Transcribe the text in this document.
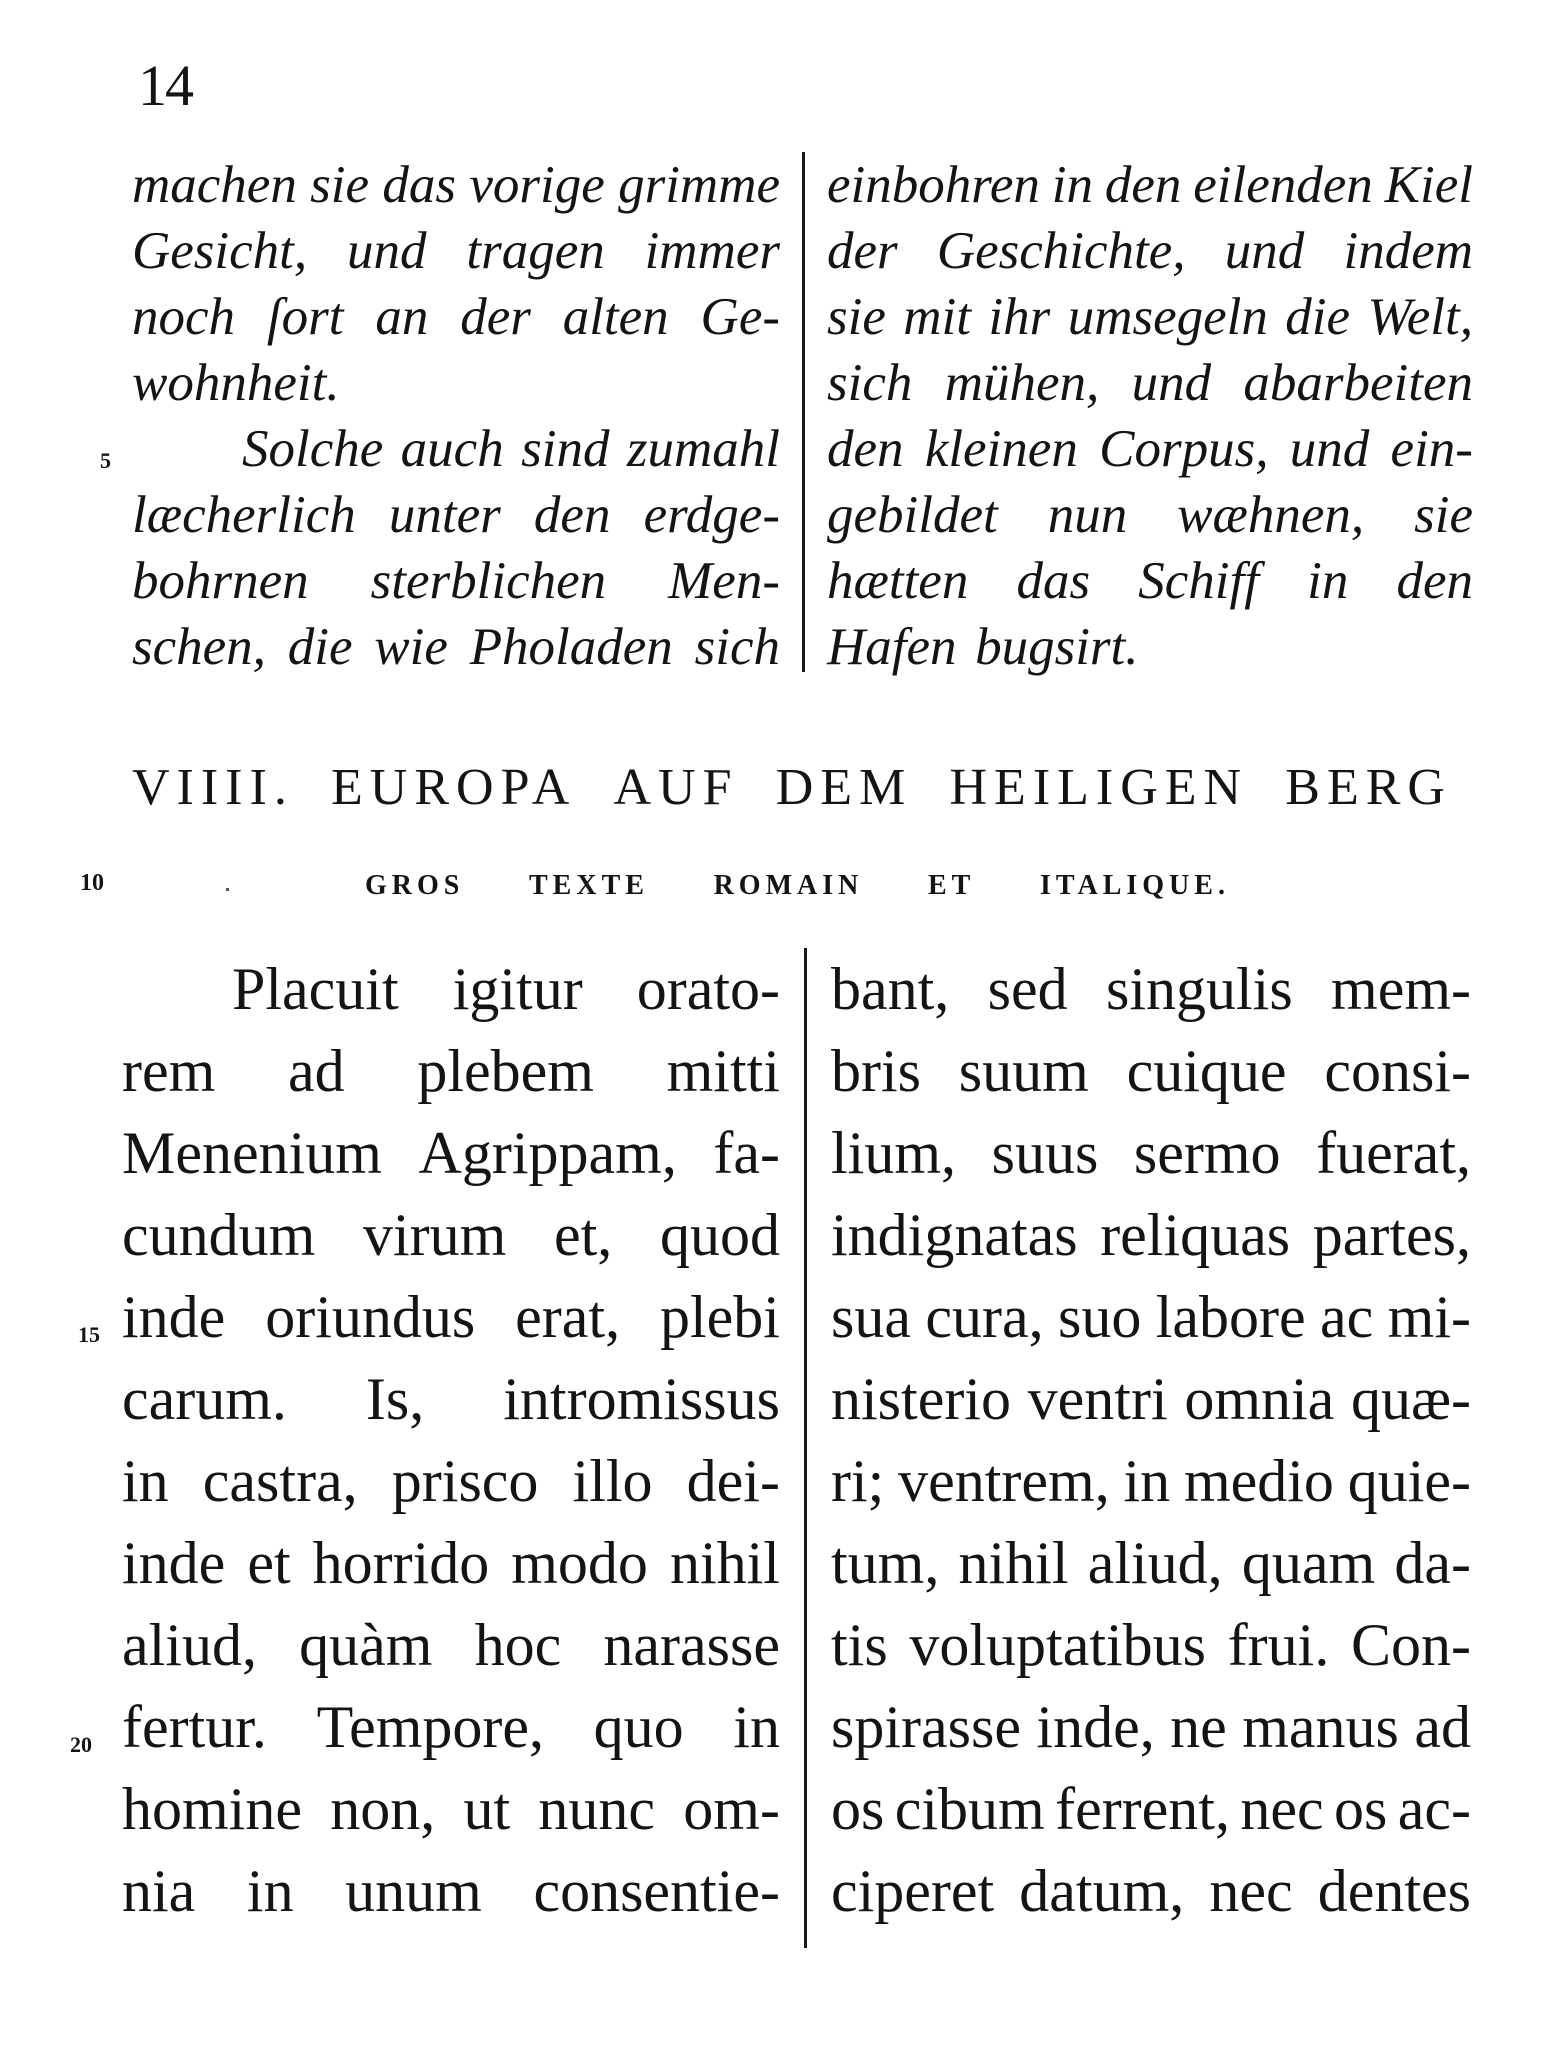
14
machen sie das vorige grimme
Gesicht, und tragen immer
noch ſort an der alten Ge-
wohnheit.
Solche auch sind zumahl
læcherlich unter den erdge-
bohrnen sterblichen Men-
schen, die wie Pholaden sich
einbohren in den eilenden Kiel
der Geschichte, und indem
sie mit ihr umsegeln die Welt,
sich mühen, und abarbeiten
den kleinen Corpus, und ein-
gebildet nun wæhnen, sie
hætten das Schiff in den
Hafen bugsirt.
5
VIIII. EUROPA AUF DEM HEILIGEN BERG
10	GROS TEXTE ROMAIN ET ITALIQUE.
Placuit igitur orato-
rem ad plebem mitti
Menenium Agrippam, fa-
cundum virum et, quod
inde oriundus erat, plebi
carum. Is, intromissus
in castra, prisco illo dei-
inde et horrido modo nihil
aliud, quàm hoc narasse
fertur. Tempore, quo in
homine non, ut nunc om-
nia in unum consentie-
bant, sed singulis mem-
bris suum cuique consi-
lium, suus sermo fuerat,
indignatas reliquas partes,
sua cura, suo labore ac mi-
nisterio ventri omnia quæ-
ri; ventrem, in medio quie-
tum, nihil aliud, quam da-
tis voluptatibus frui. Con-
spirasse inde, ne manus ad
os cibum ferrent, nec os ac-
ciperet datum, nec dentes
15
20
